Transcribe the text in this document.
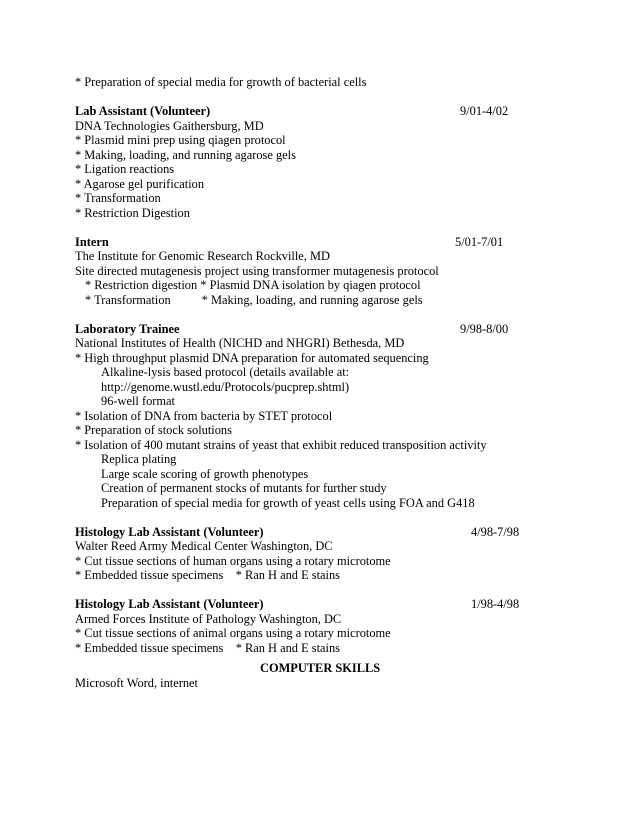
* Preparation of special media for growth of bacterial cells
Lab Assistant (Volunteer)	9/01-4/02
DNA Technologies Gaithersburg, MD
* Plasmid mini prep using qiagen protocol
* Making, loading, and running agarose gels
* Ligation reactions
* Agarose gel purification
* Transformation
* Restriction Digestion
Intern	5/01-7/01
The Institute for Genomic Research Rockville, MD
Site directed mutagenesis project using transformer mutagenesis protocol
* Restriction digestion * Plasmid DNA isolation by qiagen protocol
* Transformation          * Making, loading, and running agarose gels
Laboratory Trainee	9/98-8/00
National Institutes of Health (NICHD and NHGRI) Bethesda, MD
* High throughput plasmid DNA preparation for automated sequencing
Alkaline-lysis based protocol (details available at:
http://genome.wustl.edu/Protocols/pucprep.shtml)
96-well format
* Isolation of DNA from bacteria by STET protocol
* Preparation of stock solutions
* Isolation of 400 mutant strains of yeast that exhibit reduced transposition activity
Replica plating
Large scale scoring of growth phenotypes
Creation of permanent stocks of mutants for further study
Preparation of special media for growth of yeast cells using FOA and G418
Histology Lab Assistant (Volunteer)	4/98-7/98
Walter Reed Army Medical Center Washington, DC
* Cut tissue sections of human organs using a rotary microtome
* Embedded tissue specimens    * Ran H and E stains
Histology Lab Assistant (Volunteer)	1/98-4/98
Armed Forces Institute of Pathology Washington, DC
* Cut tissue sections of animal organs using a rotary microtome
* Embedded tissue specimens    * Ran H and E stains
COMPUTER SKILLS
Microsoft Word, internet
